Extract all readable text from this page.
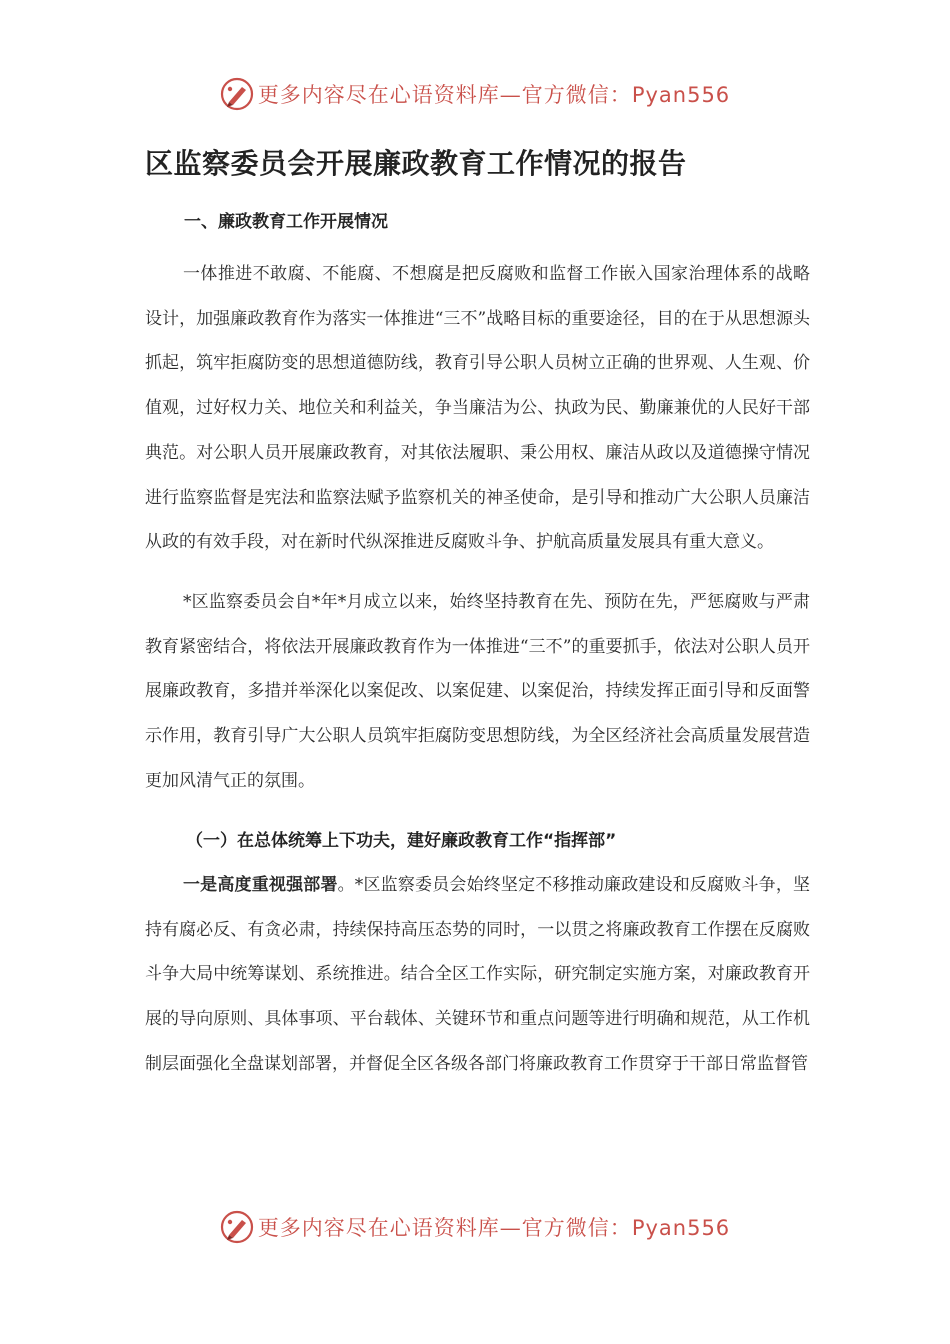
更多内容尽在心语资料库—官方微信：Pyan556
区监察委员会开展廉政教育工作情况的报告
一、廉政教育工作开展情况

一体推进不敢腐、不能腐、不想腐是把反腐败和监督工作嵌入国家治理体系的战略设计，加强廉政教育作为落实一体推进“三不”战略目标的重要途径，目的在于从思想源头抓起，筑牢拒腐防变的思想道德防线，教育引导公职人员树立正确的世界观、人生观、价值观，过好权力关、地位关和利益关，争当廉洁为公、执政为民、勤廉兼优的人民好干部典范。对公职人员开展廉政教育，对其依法履职、秉公用权、廉洁从政以及道德操守情况进行监察监督是宪法和监察法赋予监察机关的神圣使命，是引导和推动广大公职人员廉洁从政的有效手段，对在新时代纵深推进反腐败斗争、护航高质量发展具有重大意义。

*区监察委员会自*年*月成立以来，始终坚持教育在先、预防在先，严惩腐败与严肃教育紧密结合，将依法开展廉政教育作为一体推进“三不”的重要抓手，依法对公职人员开展廉政教育，多措并举深化以案促改、以案促建、以案促治，持续发挥正面引导和反面警示作用，教育引导广大公职人员筑牢拒腐防变思想防线，为全区经济社会高质量发展营造更加风清气正的氛围。

（一）在总体统筹上下功夫，建好廉政教育工作“指挥部”

一是高度重视强部署。*区监察委员会始终坚定不移推动廉政建设和反腐败斗争，坚持有腐必反、有贪必肃，持续保持高压态势的同时，一以贯之将廉政教育工作摆在反腐败斗争大局中统筹谋划、系统推进。结合全区工作实际，研究制定实施方案，对廉政教育开展的导向原则、具体事项、平台载体、关键环节和重点问题等进行明确和规范，从工作机制层面强化全盘谋划部署，并督促全区各级各部门将廉政教育工作贯穿于干部日常监督管

更多内容尽在心语资料库—官方微信：Pyan556
